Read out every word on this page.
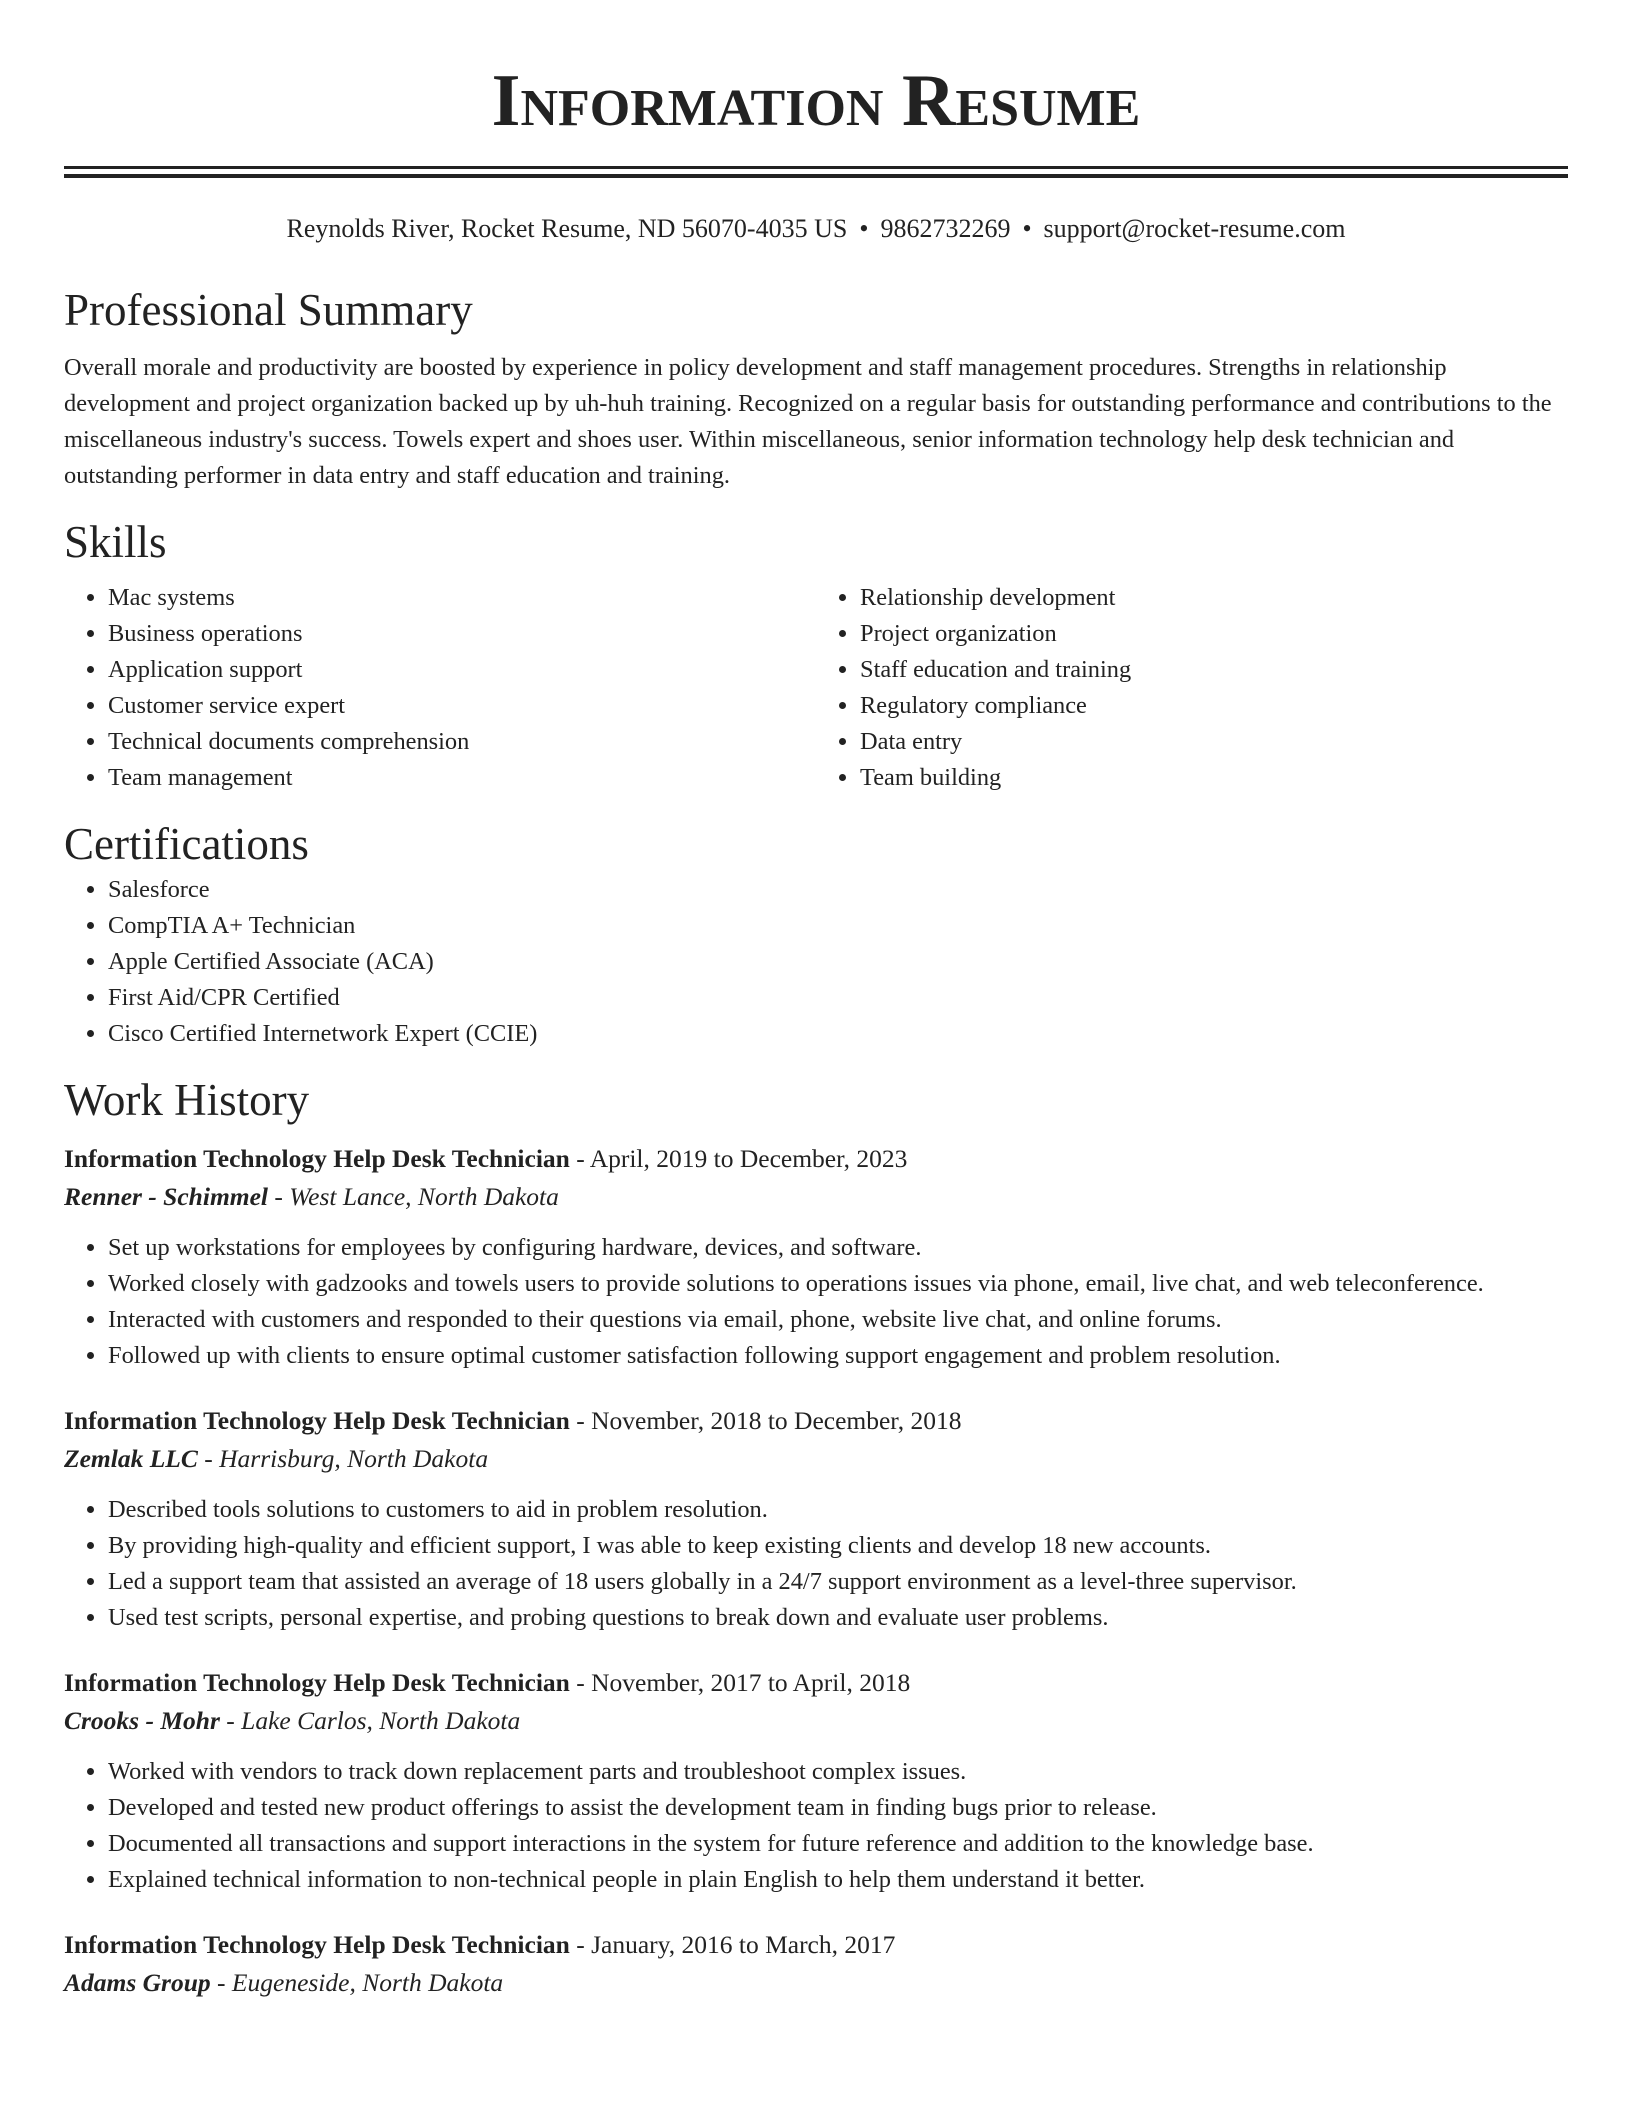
Information Resume
Reynolds River, Rocket Resume, ND 56070-4035 US • 9862732269 • support@rocket-resume.com
Professional Summary

Overall morale and productivity are boosted by experience in policy development and staff management procedures. Strengths in relationship development and project organization backed up by uh-huh training. Recognized on a regular basis for outstanding performance and contributions to the miscellaneous industry's success. Towels expert and shoes user. Within miscellaneous, senior information technology help desk technician and outstanding performer in data entry and staff education and training.

Skills
• Mac systems
• Business operations
• Application support
• Customer service expert
• Technical documents comprehension
• Team management
• Relationship development
• Project organization
• Staff education and training
• Regulatory compliance
• Data entry
• Team building
Certifications
• Salesforce
• CompTIA A+ Technician
• Apple Certified Associate (ACA)
• First Aid/CPR Certified
• Cisco Certified Internetwork Expert (CCIE)
Work History
Information Technology Help Desk Technician - April, 2019 to December, 2023
Renner - Schimmel - West Lance, North Dakota
• Set up workstations for employees by configuring hardware, devices, and software.
• Worked closely with gadzooks and towels users to provide solutions to operations issues via phone, email, live chat, and web teleconference.
• Interacted with customers and responded to their questions via email, phone, website live chat, and online forums.
• Followed up with clients to ensure optimal customer satisfaction following support engagement and problem resolution.
Information Technology Help Desk Technician - November, 2018 to December, 2018
Zemlak LLC - Harrisburg, North Dakota
• Described tools solutions to customers to aid in problem resolution.
• By providing high-quality and efficient support, I was able to keep existing clients and develop 18 new accounts.
• Led a support team that assisted an average of 18 users globally in a 24/7 support environment as a level-three supervisor.
• Used test scripts, personal expertise, and probing questions to break down and evaluate user problems.
Information Technology Help Desk Technician - November, 2017 to April, 2018
Crooks - Mohr - Lake Carlos, North Dakota
• Worked with vendors to track down replacement parts and troubleshoot complex issues.
• Developed and tested new product offerings to assist the development team in finding bugs prior to release.
• Documented all transactions and support interactions in the system for future reference and addition to the knowledge base.
• Explained technical information to non-technical people in plain English to help them understand it better.
Information Technology Help Desk Technician - January, 2016 to March, 2017
Adams Group - Eugeneside, North Dakota
